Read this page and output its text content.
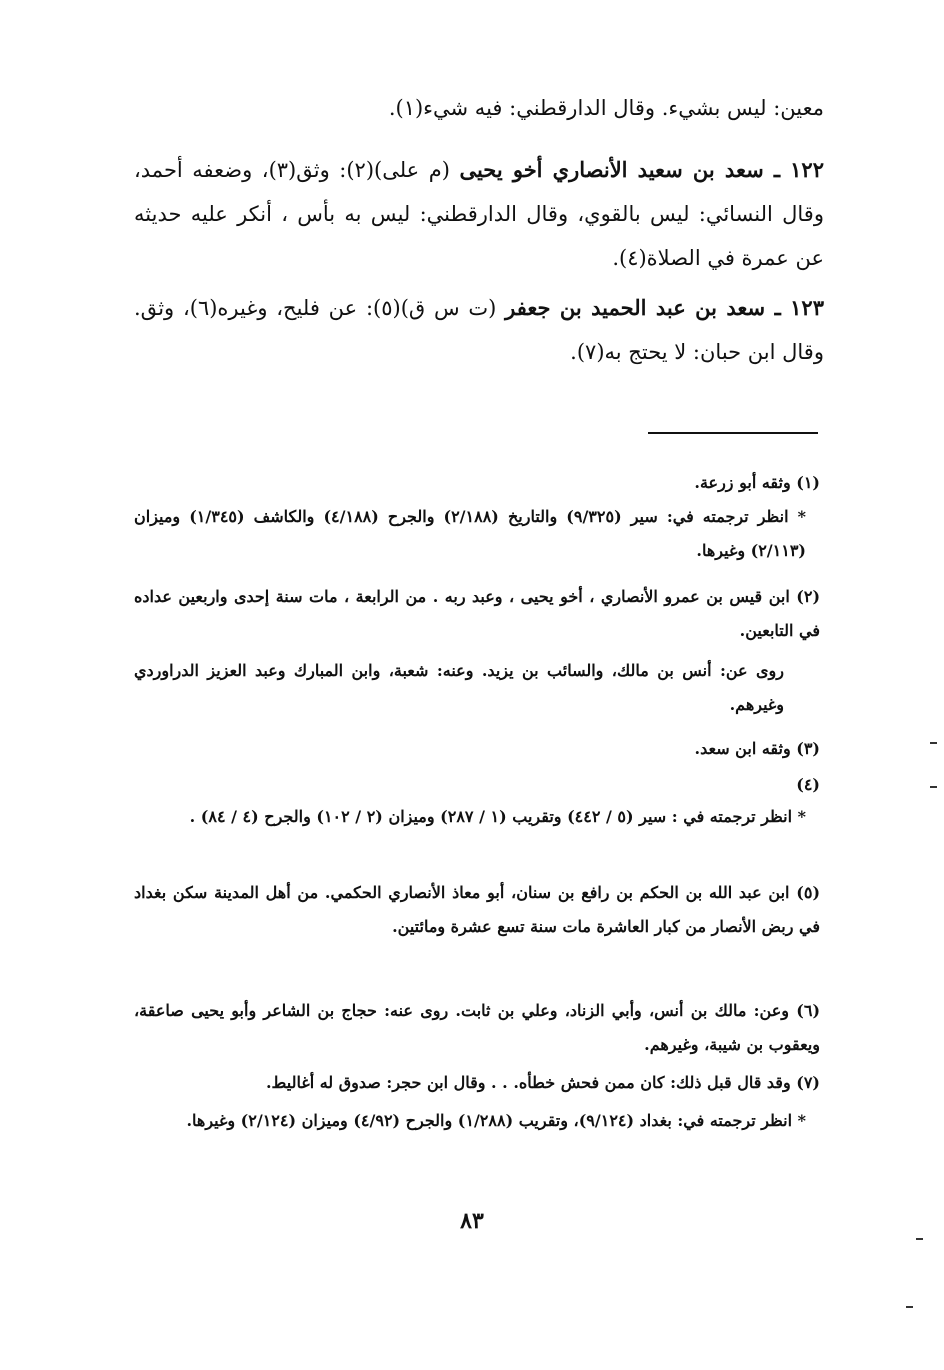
معين: ليس بشيء. وقال الدارقطني: فيه شيء(١).
١٢٢ ـ سعد بن سعيد الأنصاري أخو يحيى (م على)(٢): وثق(٣)، وضعفه أحمد، وقال النسائي: ليس بالقوي، وقال الدارقطني: ليس به بأس ، أنكر عليه حديثه عن عمرة في الصلاة(٤).
١٢٣ ـ سعد بن عبد الحميد بن جعفر (ت س ق)(٥): عن فليح، وغيره(٦)، وثق. وقال ابن حبان: لا يحتج به(٧).
(١) وثقه أبو زرعة.
* انظر ترجمته في: سير (٩/٣٢٥) والتاريخ (٢/١٨٨) والجرح (٤/١٨٨) والكاشف (١/٣٤٥) وميزان (٢/١١٣) وغيرها.
(٢) ابن قيس بن عمرو الأنصاري ، أخو يحيى ، وعبد ربه . من الرابعة ، مات سنة إحدى واربعين عداده في التابعين.
روى عن: أنس بن مالك، والسائب بن يزيد. وعنه: شعبة، وابن المبارك وعبد العزيز الدراوردي وغيرهم.
(٣) وثقه ابن سعد.
(٤)
* انظر ترجمته في : سير (٥ / ٤٤٢) وتقريب (١ / ٢٨٧) وميزان (٢ / ١٠٢) والجرح (٤ / ٨٤) .
(٥) ابن عبد الله بن الحكم بن رافع بن سنان، أبو معاذ الأنصاري الحكمي. من أهل المدينة سكن بغداد في ربض الأنصار من كبار العاشرة مات سنة تسع عشرة ومائتين.
(٦) وعن: مالك بن أنس، وأبي الزناد، وعلي بن ثابت. روى عنه: حجاج بن الشاعر وأبو يحيى صاعقة، ويعقوب بن شيبة، وغيرهم.
(٧) وقد قال قبل ذلك: كان ممن فحش خطأه. . . وقال ابن حجر: صدوق له أغاليط.
* انظر ترجمته في: بغداد (٩/١٢٤)، وتقريب (١/٢٨٨) والجرح (٤/٩٢) وميزان (٢/١٢٤) وغيرها.
٨٣
